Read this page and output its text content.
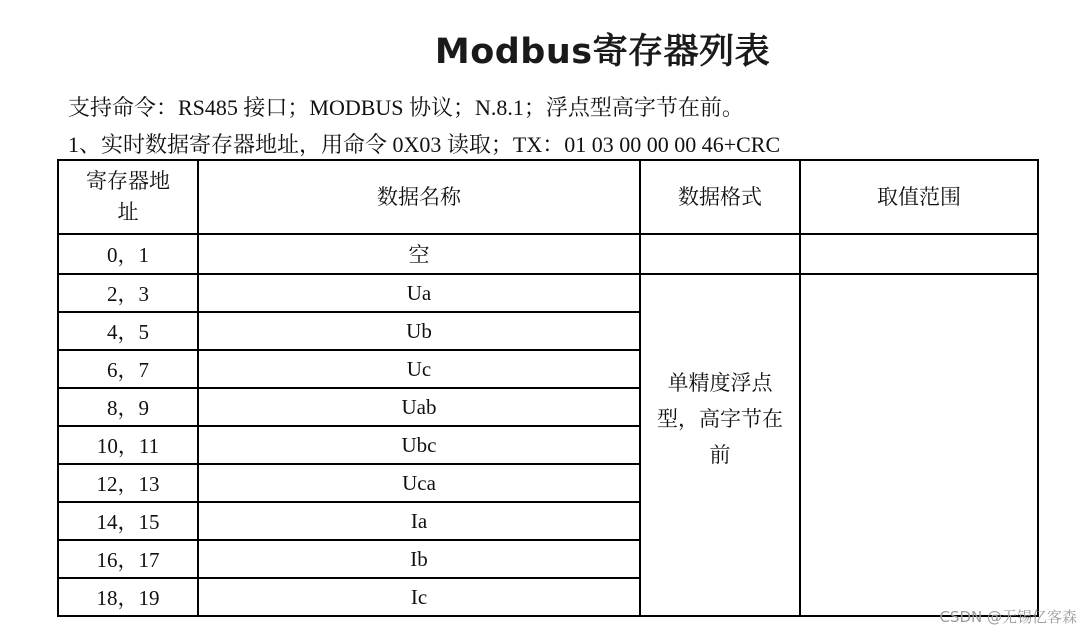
Modbus寄存器列表
支持命令：RS485 接口；MODBUS 协议；N.8.1；浮点型高字节在前。
1、实时数据寄存器地址，用命令 0X03 读取；TX：01 03 00 00 00 46+CRC
寄存器地址	数据名称	数据格式	取值范围
0，1	空		
2，3	Ua	单精度浮点型，高字节在前	
4，5	Ub		
6，7	Uc		
8，9	Uab		
10，11	Ubc		
12，13	Uca		
14，15	Ia		
16，17	Ib		
18，19	Ic		
CSDN @无锡亿客森
